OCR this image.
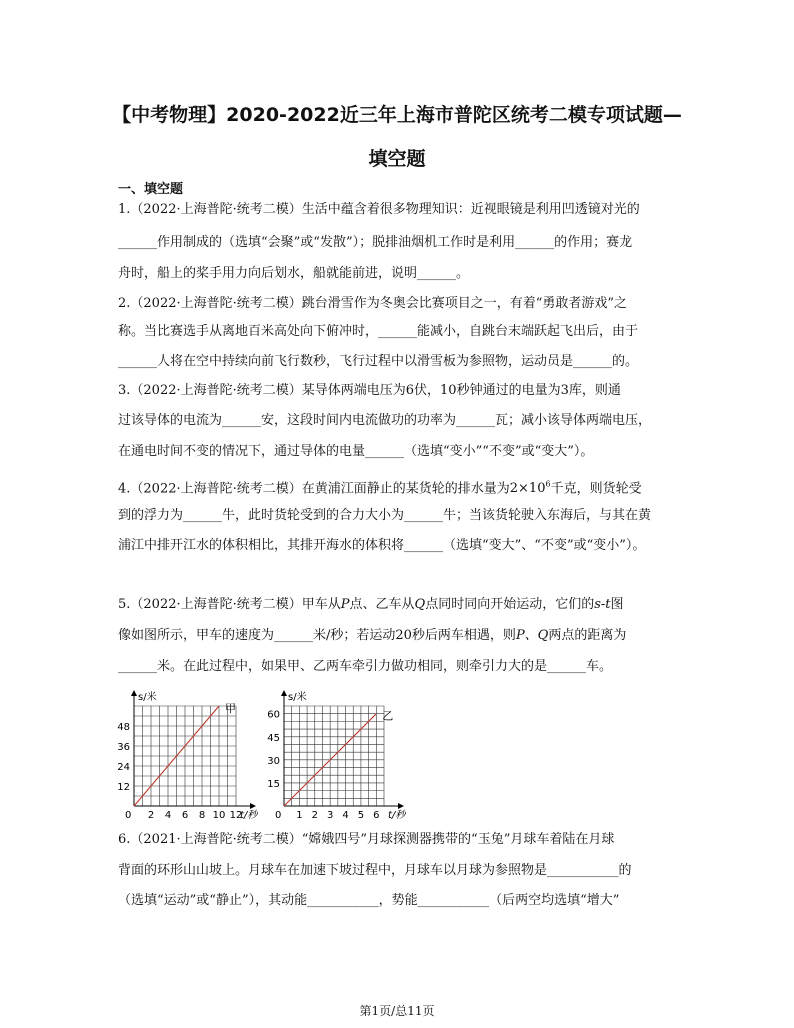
【中考物理】2020-2022近三年上海市普陀区统考二模专项试题—
填空题
一、填空题
1.（2022·上海普陀·统考二模）生活中蕴含着很多物理知识：近视眼镜是利用凹透镜对光的
______作用制成的（选填“会聚”或“发散”）；脱排油烟机工作时是利用______的作用；赛龙
舟时，船上的桨手用力向后划水，船就能前进，说明______。
2.（2022·上海普陀·统考二模）跳台滑雪作为冬奥会比赛项目之一，有着“勇敢者游戏”之
称。当比赛选手从离地百米高处向下俯冲时，______能减小，自跳台末端跃起飞出后，由于
______人将在空中持续向前飞行数秒，飞行过程中以滑雪板为参照物，运动员是______的。
3.（2022·上海普陀·统考二模）某导体两端电压为6伏，10秒钟通过的电量为3库，则通
过该导体的电流为______安，这段时间内电流做功的功率为______瓦；减小该导体两端电压，
在通电时间不变的情况下，通过导体的电量______（选填“变小”“不变”或“变大”）。
4.（2022·上海普陀·统考二模）在黄浦江面静止的某货轮的排水量为$2\times 10^6$千克，则货轮受
到的浮力为______牛，此时货轮受到的合力大小为______牛；当该货轮驶入东海后，与其在黄
浦江中排开江水的体积相比，其排开海水的体积将______（选填“变大”、“不变”或“变小”）。
5.（2022·上海普陀·统考二模）甲车从P点、乙车从Q点同时同向开始运动，它们的s-t图
像如图所示，甲车的速度为______米/秒；若运动20秒后两车相遇，则P、Q两点的距离为
______米。在此过程中，如果甲、乙两车牵引力做功相同，则牵引力大的是______车。
s/米
t/秒
0 2 4 6 8 10 12
12
24
36
48
甲
s/米
t/秒
0 1 2 3 4 5 6
15
30
45
60	乙
6.（2021·上海普陀·统考二模）“嫦娥四号”月球探测器携带的“玉兔”月球车着陆在月球
背面的环形山山坡上。月球车在加速下坡过程中，月球车以月球为参照物是___________的
（选填“运动”或“静止”），其动能___________，势能___________（后两空均选填“增大”
第1页/总11页
